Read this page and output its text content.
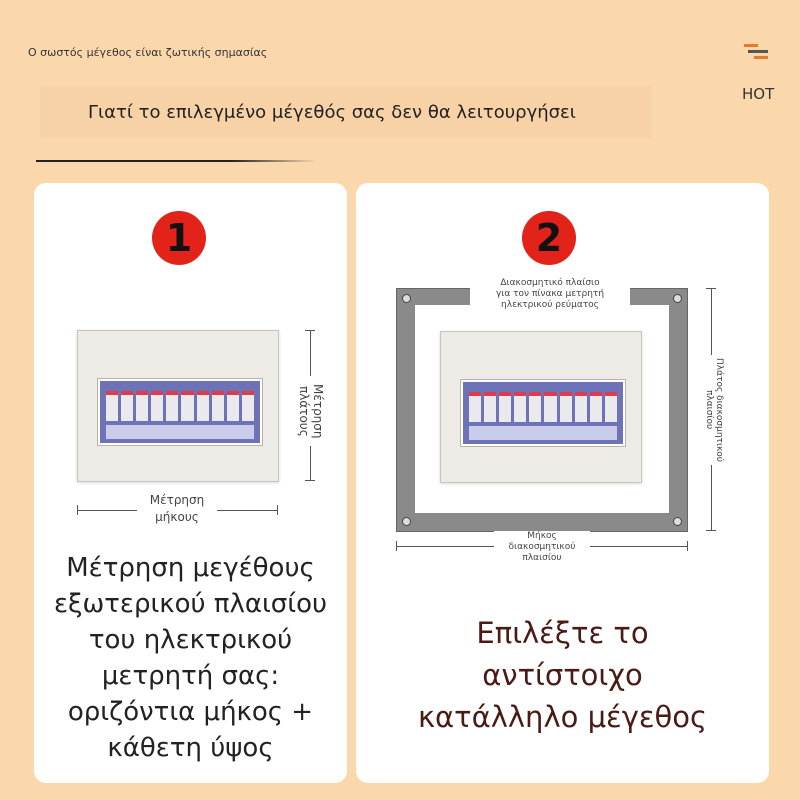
Ο σωστός μέγεθος είναι ζωτικής σημασίας
HOT
Γιατί το επιλεγμένο μέγεθός σας δεν θα λειτουργήσει
1
Μέτρηση πλάτους
Μέτρηση μήκους
Μέτρηση μεγέθους
εξωτερικού πλαισίου
του ηλεκτρικού
μετρητή σας:
οριζόντια μήκος +
κάθετη ύψος
2
Διακοσμητικό πλαίσιο
για τον πίνακα μετρητή
ηλεκτρικού ρεύματος
Πλάτος διακοσμητικού πλαισίου
Μήκος
διακοσμητικού
πλαισίου
Επιλέξτε το
αντίστοιχο
κατάλληλο μέγεθος
